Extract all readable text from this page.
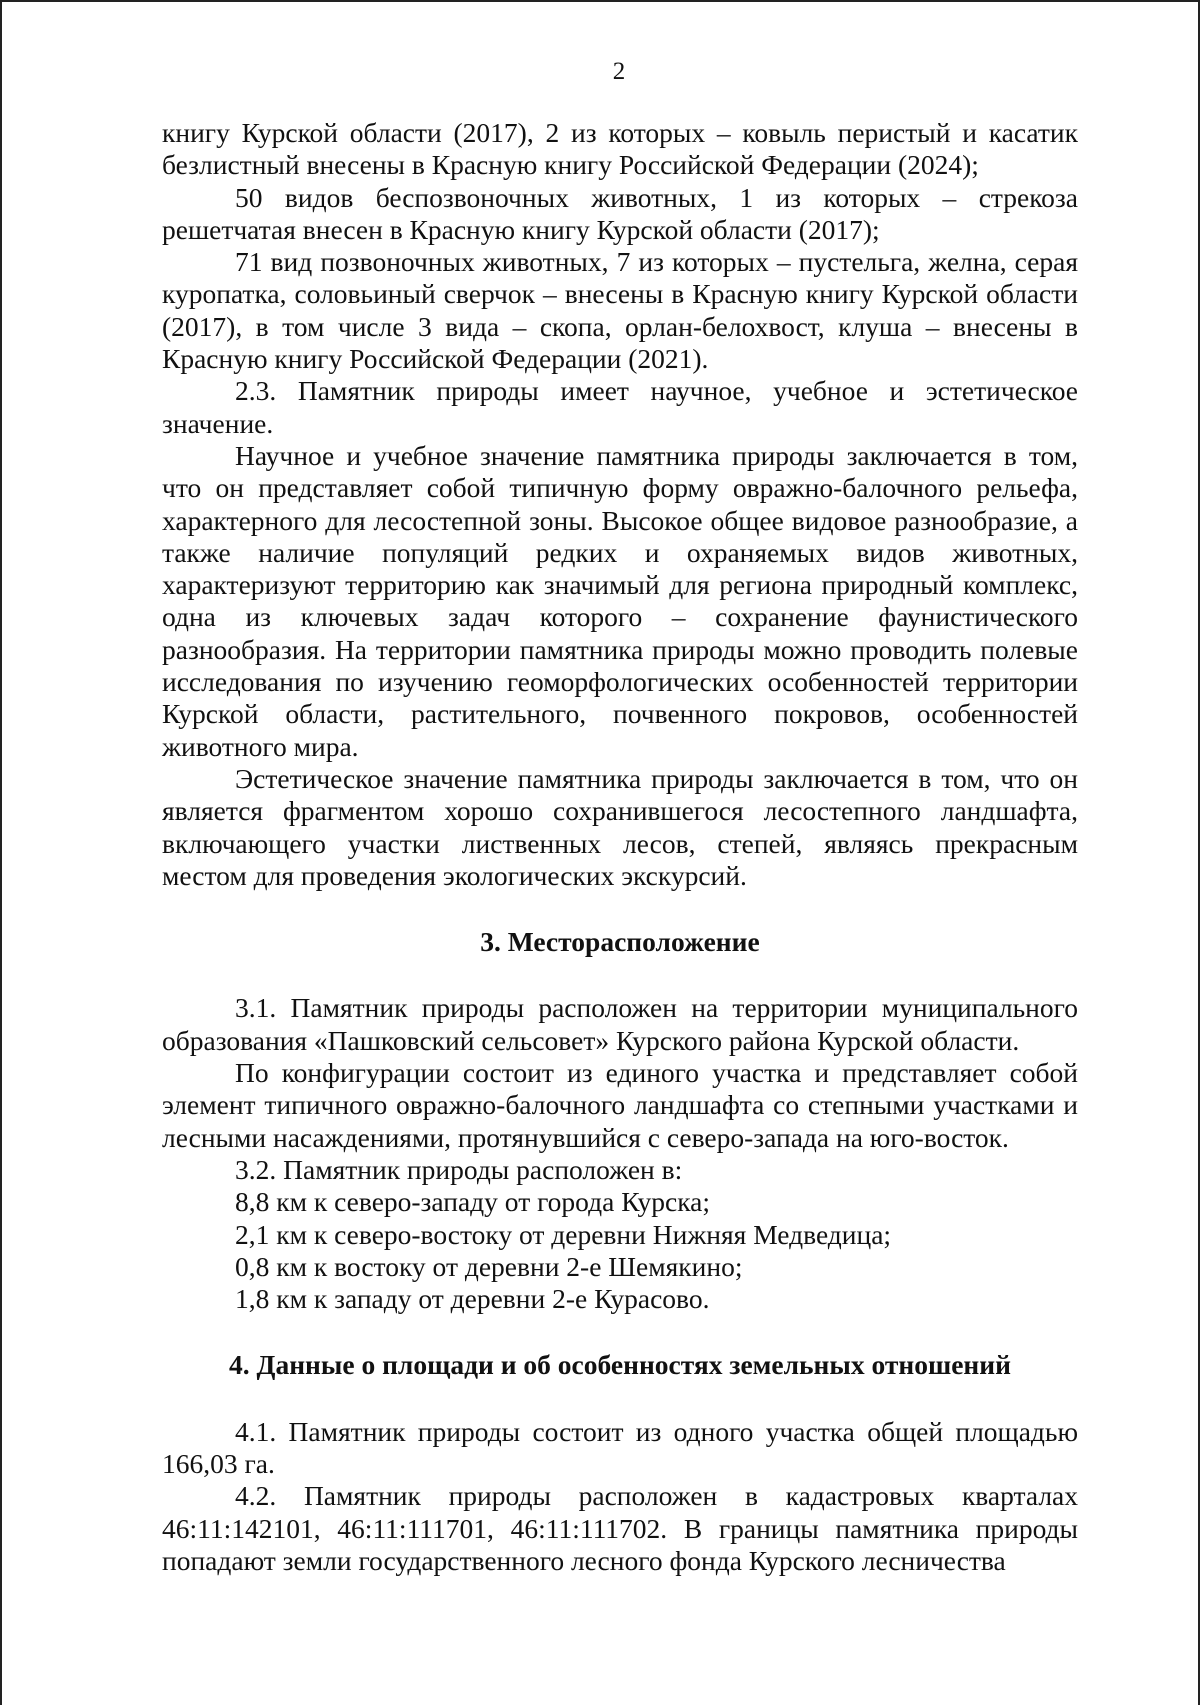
2

книгу Курской области (2017), 2 из которых – ковыль перистый и касатик безлистный внесены в Красную книгу Российской Федерации (2024);

50 видов беспозвоночных животных, 1 из которых – стрекоза решетчатая внесен в Красную книгу Курской области (2017);

71 вид позвоночных животных, 7 из которых – пустельга, желна, серая куропатка, соловьиный сверчок – внесены в Красную книгу Курской области (2017), в том числе 3 вида – скопа, орлан-белохвост, клуша – внесены в Красную книгу Российской Федерации (2021).

2.3. Памятник природы имеет научное, учебное и эстетическое значение.

Научное и учебное значение памятника природы заключается в том, что он представляет собой типичную форму овражно-балочного рельефа, характерного для лесостепной зоны. Высокое общее видовое разнообразие, а также наличие популяций редких и охраняемых видов животных, характеризуют территорию как значимый для региона природный комплекс, одна из ключевых задач которого – сохранение фаунистического разнообразия. На территории памятника природы можно проводить полевые исследования по изучению геоморфологических особенностей территории Курской области, растительного, почвенного покровов, особенностей животного мира.

Эстетическое значение памятника природы заключается в том, что он является фрагментом хорошо сохранившегося лесостепного ландшафта, включающего участки лиственных лесов, степей, являясь прекрасным местом для проведения экологических экскурсий.

3. Месторасположение

3.1. Памятник природы расположен на территории муниципального образования «Пашковский сельсовет» Курского района Курской области.

По конфигурации состоит из единого участка и представляет собой элемент типичного овражно-балочного ландшафта со степными участками и лесными насаждениями, протянувшийся с северо-запада на юго-восток.

3.2. Памятник природы расположен в:

8,8 км к северо-западу от города Курска;

2,1 км к северо-востоку от деревни Нижняя Медведица;

0,8 км к востоку от деревни 2-е Шемякино;

1,8 км к западу от деревни 2-е Курасово.

4. Данные о площади и об особенностях земельных отношений

4.1. Памятник природы состоит из одного участка общей площадью 166,03 га.

4.2. Памятник природы расположен в кадастровых кварталах 46:11:142101, 46:11:111701, 46:11:111702. В границы памятника природы попадают земли государственного лесного фонда Курского лесничества
